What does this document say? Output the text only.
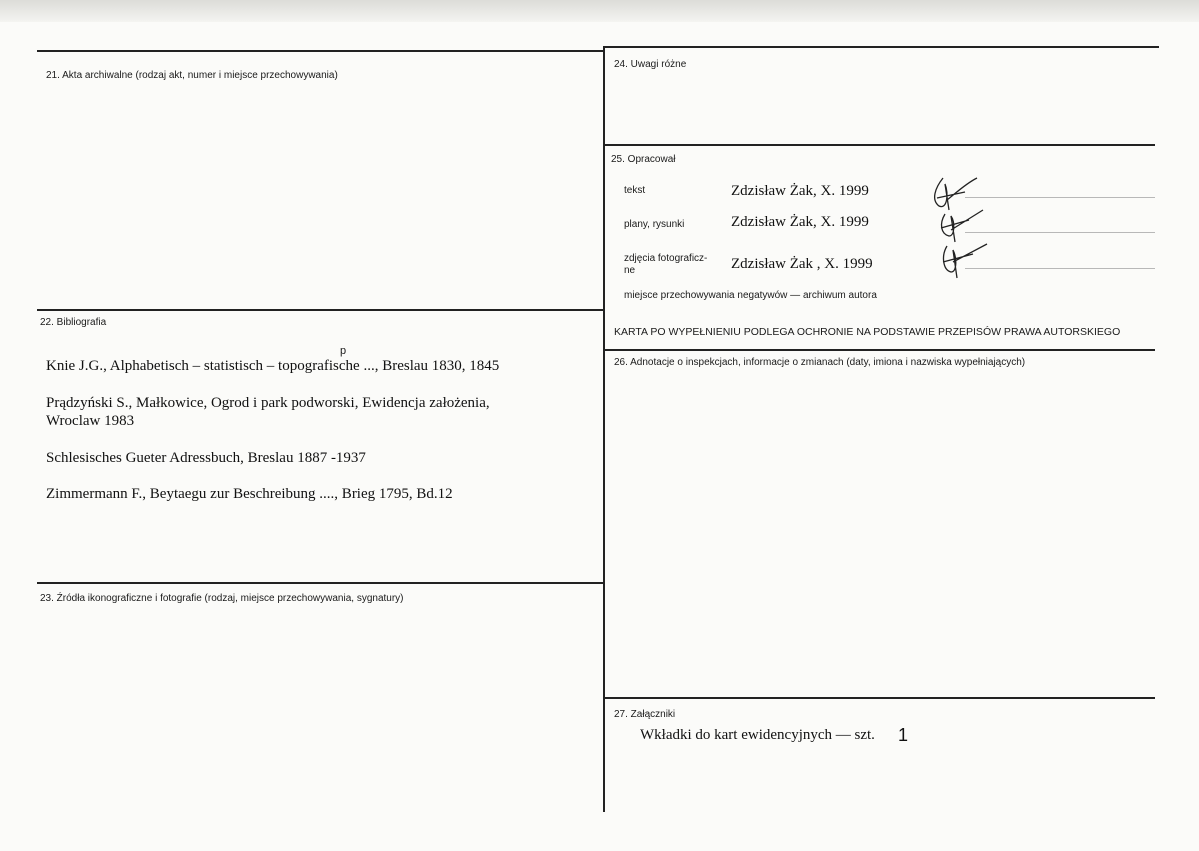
21. Akta archiwalne (rodzaj akt, numer i miejsce przechowywania)
22. Bibliografia
Knie J.G., Alphabetisch – statistisch – topografische ..., Breslau 1830, 1845
p
Prądzyński S., Małkowice, Ogrod i park podworski, Ewidencja założenia,
Wroclaw 1983
Schlesisches Gueter Adressbuch, Breslau 1887 -1937
Zimmermann F., Beytaegu zur Beschreibung ...., Brieg 1795, Bd.12
23. Źródła ikonograficzne i fotografie (rodzaj, miejsce przechowywania, sygnatury)
24. Uwagi różne
25. Opracował
tekst	Zdzisław Żak, X. 1999
plany, rysunki	Zdzisław Żak, X. 1999
zdjęcia fotograficz-
ne	Zdzisław Żak , X. 1999
miejsce przechowywania negatywów — archiwum autora
KARTA PO WYPEŁNIENIU PODLEGA OCHRONIE NA PODSTAWIE PRZEPISÓW PRAWA AUTORSKIEGO
26. Adnotacje o inspekcjach, informacje o zmianach (daty, imiona i nazwiska wypełniających)
27. Załączniki
Wkładki do kart ewidencyjnych — szt. 1
